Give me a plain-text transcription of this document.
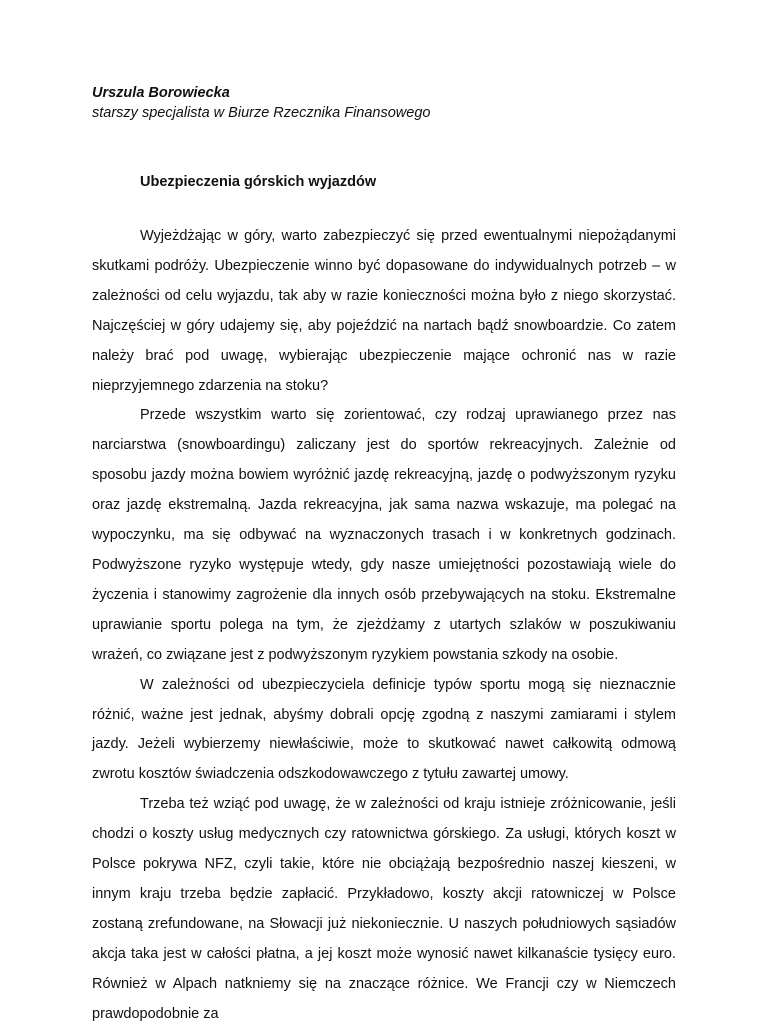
Urszula Borowiecka

starszy specjalista w Biurze Rzecznika Finansowego

Ubezpieczenia górskich wyjazdów

Wyjeżdżając w góry, warto zabezpieczyć się przed ewentualnymi niepożądanymi skutkami podróży. Ubezpieczenie winno być dopasowane do indywidualnych potrzeb – w zależności od celu wyjazdu, tak aby w razie konieczności można było z niego skorzystać. Najczęściej w góry udajemy się, aby pojeździć na nartach bądź snowboardzie. Co zatem należy brać pod uwagę, wybierając ubezpieczenie mające ochronić nas w razie nieprzyjemnego zdarzenia na stoku?

Przede wszystkim warto się zorientować, czy rodzaj uprawianego przez nas narciarstwa (snowboardingu) zaliczany jest do sportów rekreacyjnych. Zależnie od sposobu jazdy można bowiem wyróżnić jazdę rekreacyjną, jazdę o podwyższonym ryzyku oraz jazdę ekstremalną. Jazda rekreacyjna, jak sama nazwa wskazuje, ma polegać na wypoczynku, ma się odbywać na wyznaczonych trasach i w konkretnych godzinach. Podwyższone ryzyko występuje wtedy, gdy nasze umiejętności pozostawiają wiele do życzenia i stanowimy zagrożenie dla innych osób przebywających na stoku. Ekstremalne uprawianie sportu polega na tym, że zjeżdżamy z utartych szlaków w poszukiwaniu wrażeń, co związane jest z podwyższonym ryzykiem powstania szkody na osobie.

W zależności od ubezpieczyciela definicje typów sportu mogą się nieznacznie różnić, ważne jest jednak, abyśmy dobrali opcję zgodną z naszymi zamiarami i stylem jazdy. Jeżeli wybierzemy niewłaściwie, może to skutkować nawet całkowitą odmową zwrotu kosztów świadczenia odszkodowawczego z tytułu zawartej umowy.

Trzeba też wziąć pod uwagę, że w zależności od kraju istnieje zróżnicowanie, jeśli chodzi o koszty usług medycznych czy ratownictwa górskiego. Za usługi, których koszt w Polsce pokrywa NFZ, czyli takie, które nie obciążają bezpośrednio naszej kieszeni, w innym kraju trzeba będzie zapłacić. Przykładowo, koszty akcji ratowniczej w Polsce zostaną zrefundowane, na Słowacji już niekoniecznie. U naszych południowych sąsiadów akcja taka jest w całości płatna, a jej koszt może wynosić nawet kilkanaście tysięcy euro. Również w Alpach natkniemy się na znaczące różnice. We Francji czy w Niemczech prawdopodobnie za
